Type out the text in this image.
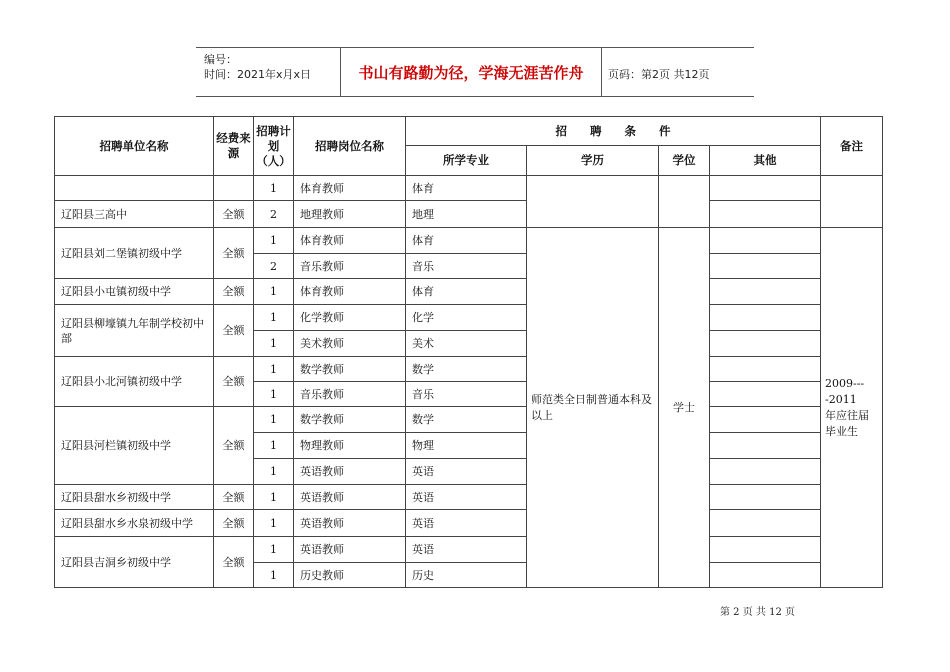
编号：
时间：2021年x月x日	书山有路勤为径，学海无涯苦作舟	页码：第2页 共12页
招聘单位名称	经费来源	招聘计划（人）	招聘岗位名称	招　　聘　　条　　件				备注
				所学专业	学历	学位	其他	
		1	体育教师	体育				
辽阳县三高中	全额	2	地理教师	地理				
辽阳县刘二堡镇初级中学	全额	1	体育教师	体育	师范类全日制普通本科及以上	学士		2009----2011　年应往届毕业生
		2	音乐教师	音乐				
辽阳县小屯镇初级中学	全额	1	体育教师	体育				
辽阳县柳壕镇九年制学校初中部	全额	1	化学教师	化学				
		1	美术教师	美术				
辽阳县小北河镇初级中学	全额	1	数学教师	数学				
		1	音乐教师	音乐				
辽阳县河栏镇初级中学	全额	1	数学教师	数学				
		1	物理教师	物理				
		1	英语教师	英语				
辽阳县甜水乡初级中学	全额	1	英语教师	英语				
辽阳县甜水乡水泉初级中学	全额	1	英语教师	英语				
辽阳县吉洞乡初级中学	全额	1	英语教师	英语				
		1	历史教师	历史				
第 2 页 共 12 页
